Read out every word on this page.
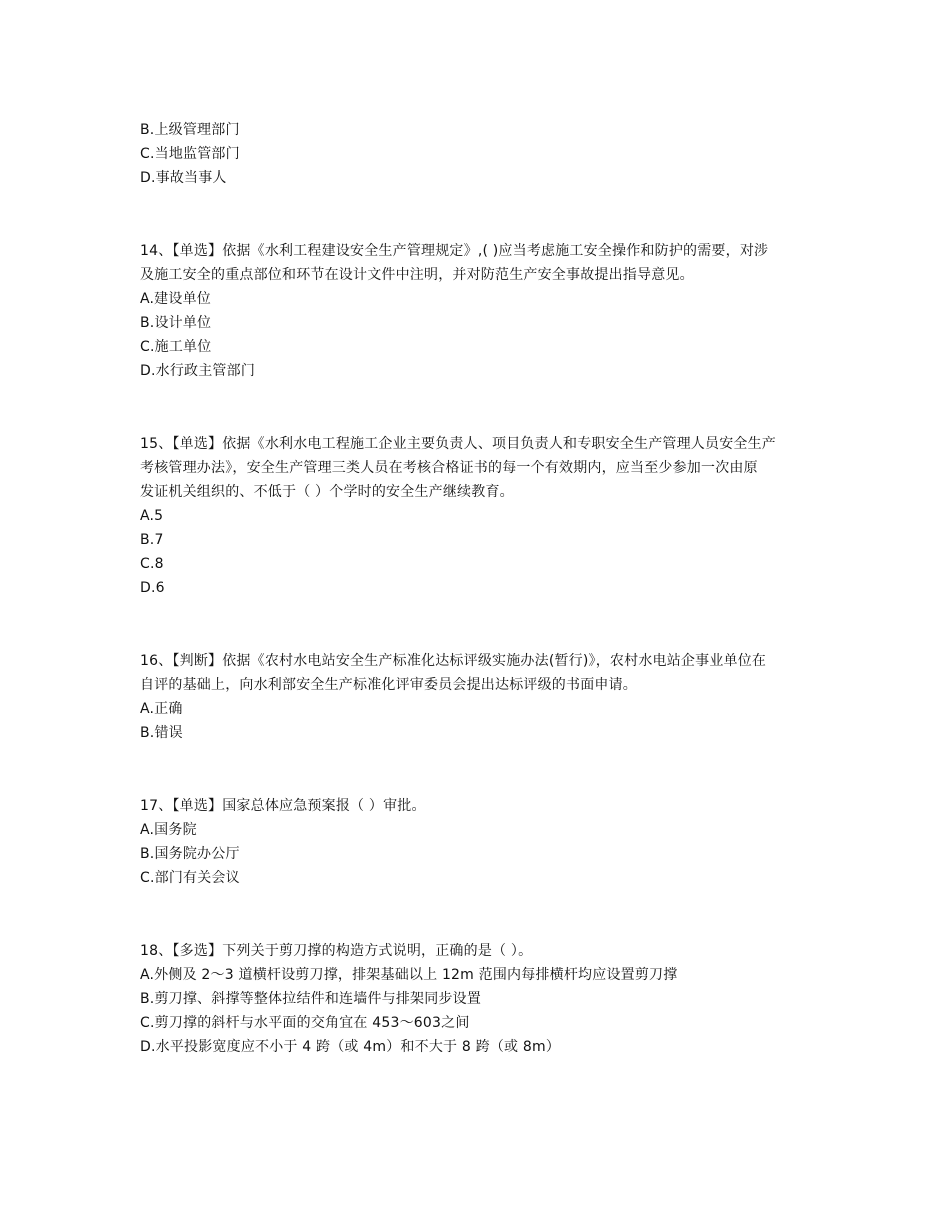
B.上级管理部门
C.当地监管部门
D.事故当事人
14、【单选】依据《水利工程建设安全生产管理规定》,( )应当考虑施工安全操作和防护的需要，对涉
及施工安全的重点部位和环节在设计文件中注明，并对防范生产安全事故提出指导意见。
A.建设单位
B.设计单位
C.施工单位
D.水行政主管部门
15、【单选】依据《水利水电工程施工企业主要负责人、项目负责人和专职安全生产管理人员安全生产
考核管理办法》，安全生产管理三类人员在考核合格证书的每一个有效期内，应当至少参加一次由原
发证机关组织的、不低于（ ）个学时的安全生产继续教育。
A.5
B.7
C.8
D.6
16、【判断】依据《农村水电站安全生产标准化达标评级实施办法(暂行)》，农村水电站企事业单位在
自评的基础上，向水利部安全生产标准化评审委员会提出达标评级的书面申请。
A.正确
B.错误
17、【单选】国家总体应急预案报（ ）审批。
A.国务院
B.国务院办公厅
C.部门有关会议
18、【多选】下列关于剪刀撑的构造方式说明，正确的是（ ）。
A.外侧及 2～3 道横杆设剪刀撑，排架基础以上 12m 范围内每排横杆均应设置剪刀撑
B.剪刀撑、斜撑等整体拉结件和连墙件与排架同步设置
C.剪刀撑的斜杆与水平面的交角宜在 453～603之间
D.水平投影宽度应不小于 4 跨（或 4m）和不大于 8 跨（或 8m）
